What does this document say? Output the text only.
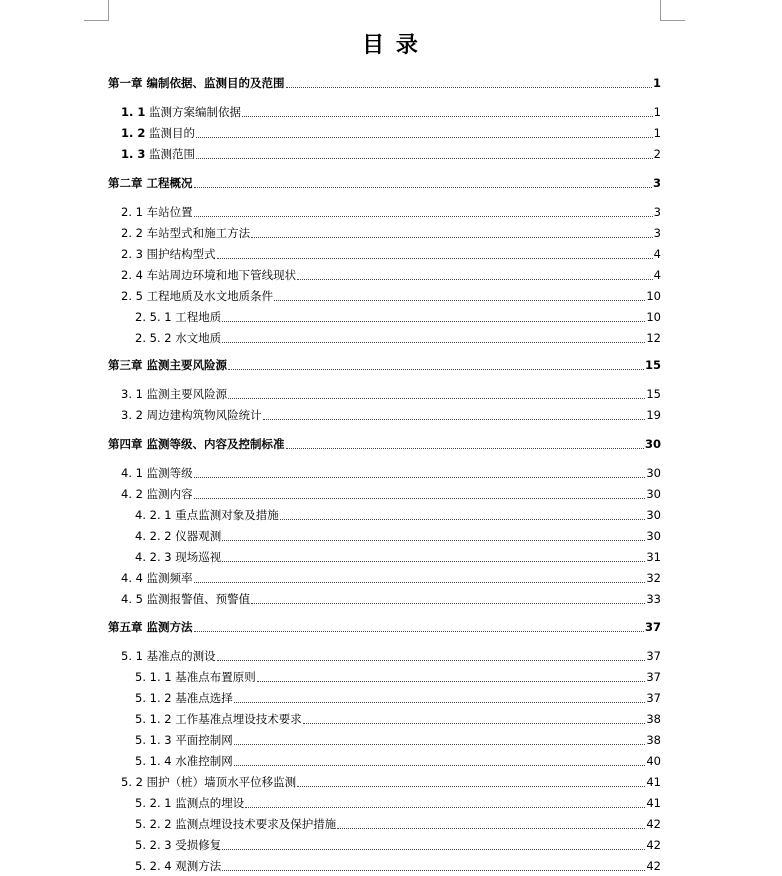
目 录
第一章 编制依据、监测目的及范围	1
1. 1 监测方案编制依据	1
1. 2 监测目的	1
1. 3 监测范围	2
第二章 工程概况	3
2. 1 车站位置	3
2. 2 车站型式和施工方法	3
2. 3 围护结构型式	4
2. 4 车站周边环境和地下管线现状	4
2. 5 工程地质及水文地质条件	10
2. 5. 1 工程地质	10
2. 5. 2 水文地质	12
第三章 监测主要风险源	15
3. 1 监测主要风险源	15
3. 2 周边建构筑物风险统计	19
第四章 监测等级、内容及控制标准	30
4. 1 监测等级	30
4. 2 监测内容	30
4. 2. 1 重点监测对象及措施	30
4. 2. 2 仪器观测	30
4. 2. 3 现场巡视	31
4. 4 监测频率	32
4. 5 监测报警值、预警值	33
第五章 监测方法	37
5. 1 基准点的测设	37
5. 1. 1 基准点布置原则	37
5. 1. 2 基准点选择	37
5. 1. 2 工作基准点埋设技术要求	38
5. 1. 3 平面控制网	38
5. 1. 4 水准控制网	40
5. 2 围护（桩）墙顶水平位移监测	41
5. 2. 1 监测点的埋设	41
5. 2. 2 监测点埋设技术要求及保护措施	42
5. 2. 3 受损修复	42
5. 2. 4 观测方法	42
